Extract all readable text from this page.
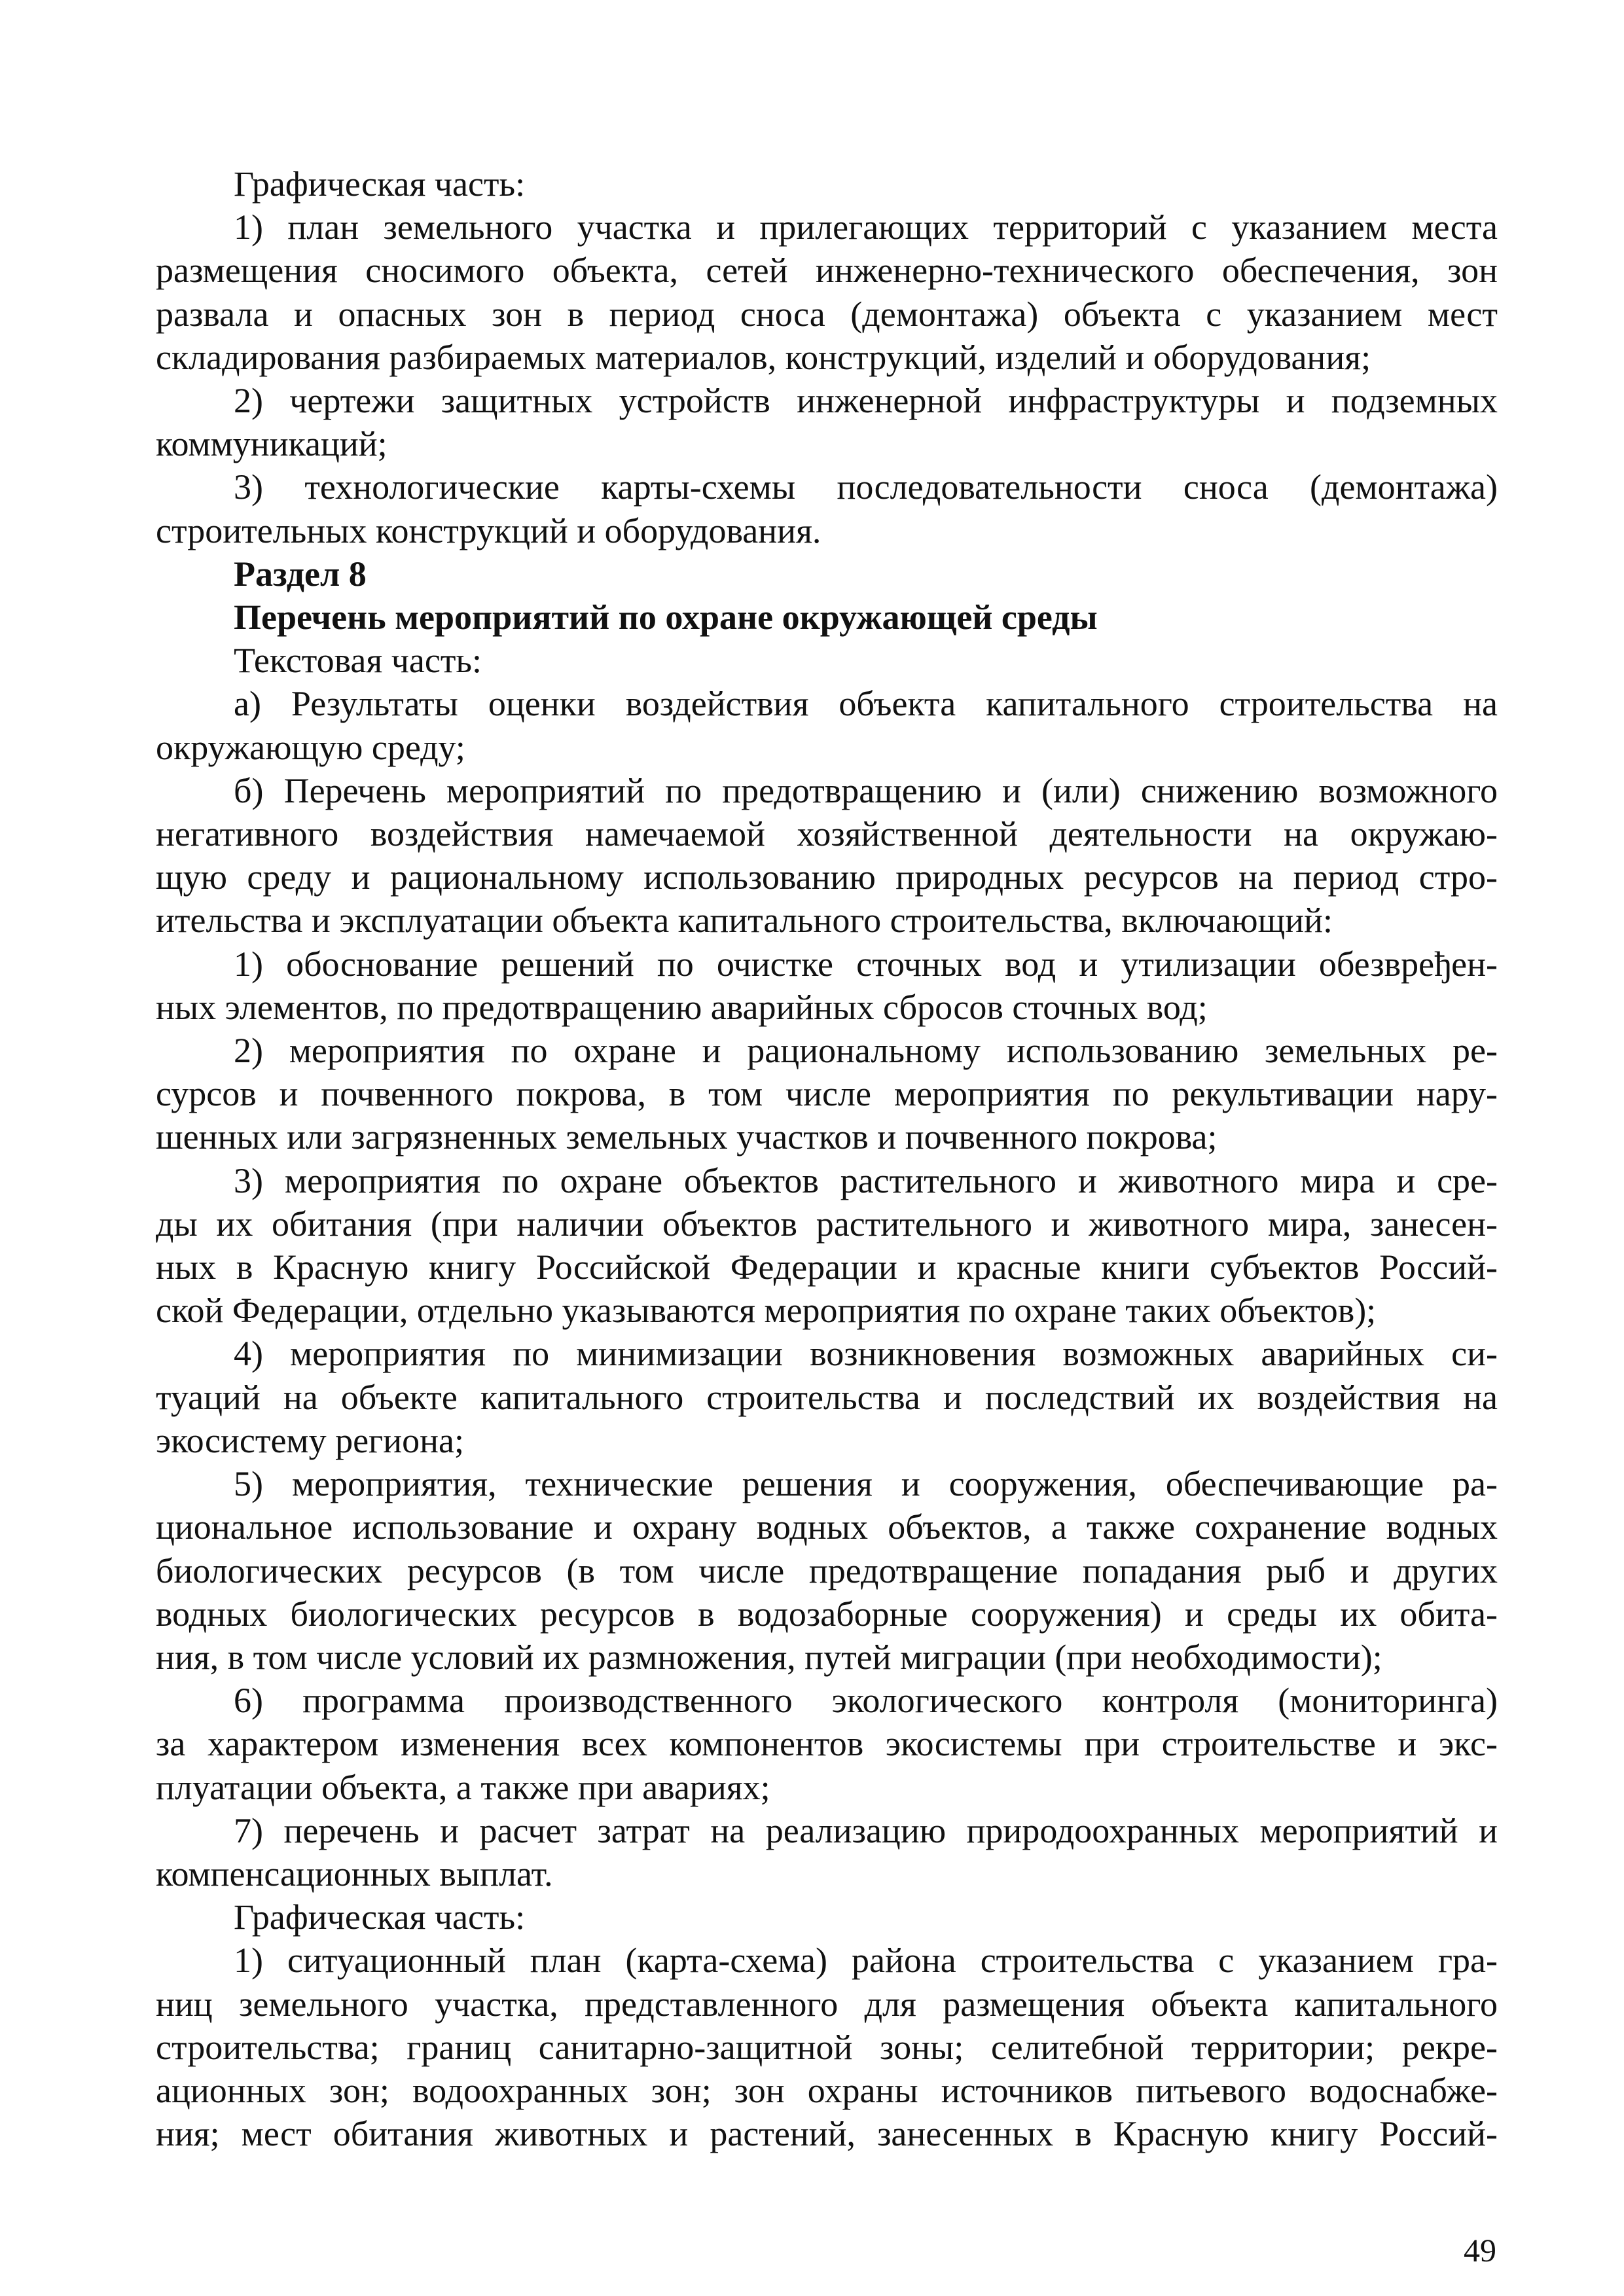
Графическая часть:

1) план земельного участка и прилегающих территорий с указанием места

размещения сносимого объекта, сетей инженерно-технического обеспечения, зон

развала и опасных зон в период сноса (демонтажа) объекта с указанием мест

складирования разбираемых материалов, конструкций, изделий и оборудования;

2) чертежи защитных устройств инженерной инфраструктуры и подземных

коммуникаций;

3) технологические карты-схемы последовательности сноса (демонтажа)

строительных конструкций и оборудования.

Раздел 8

Перечень мероприятий по охране окружающей среды

Текстовая часть:

а) Результаты оценки воздействия объекта капитального строительства на

окружающую среду;

б) Перечень мероприятий по предотвращению и (или) снижению возможного

негативного воздействия намечаемой хозяйственной деятельности на окружаю-

щую среду и рациональному использованию природных ресурсов на период стро-

ительства и эксплуатации объекта капитального строительства, включающий:

1) обоснование решений по очистке сточных вод и утилизации обезвређен-

ных элементов, по предотвращению аварийных сбросов сточных вод;

2) мероприятия по охране и рациональному использованию земельных ре-

сурсов и почвенного покрова, в том числе мероприятия по рекультивации нару-

шенных или загрязненных земельных участков и почвенного покрова;

3) мероприятия по охране объектов растительного и животного мира и сре-

ды их обитания (при наличии объектов растительного и животного мира, занесен-

ных в Красную книгу Российской Федерации и красные книги субъектов Россий-

ской Федерации, отдельно указываются мероприятия по охране таких объектов);

4) мероприятия по минимизации возникновения возможных аварийных си-

туаций на объекте капитального строительства и последствий их воздействия на

экосистему региона;

5) мероприятия, технические решения и сооружения, обеспечивающие ра-

циональное использование и охрану водных объектов, а также сохранение водных

биологических ресурсов (в том числе предотвращение попадания рыб и других

водных биологических ресурсов в водозаборные сооружения) и среды их обита-

ния, в том числе условий их размножения, путей миграции (при необходимости);

6) программа производственного экологического контроля (мониторинга)

за характером изменения всех компонентов экосистемы при строительстве и экс-

плуатации объекта, а также при авариях;

7) перечень и расчет затрат на реализацию природоохранных мероприятий и

компенсационных выплат.

Графическая часть:

1) ситуационный план (карта-схема) района строительства с указанием гра-

ниц земельного участка, представленного для размещения объекта капитального

строительства; границ санитарно-защитной зоны; селитебной территории; рекре-

ационных зон; водоохранных зон; зон охраны источников питьевого водоснабже-

ния; мест обитания животных и растений, занесенных в Красную книгу Россий-

49
